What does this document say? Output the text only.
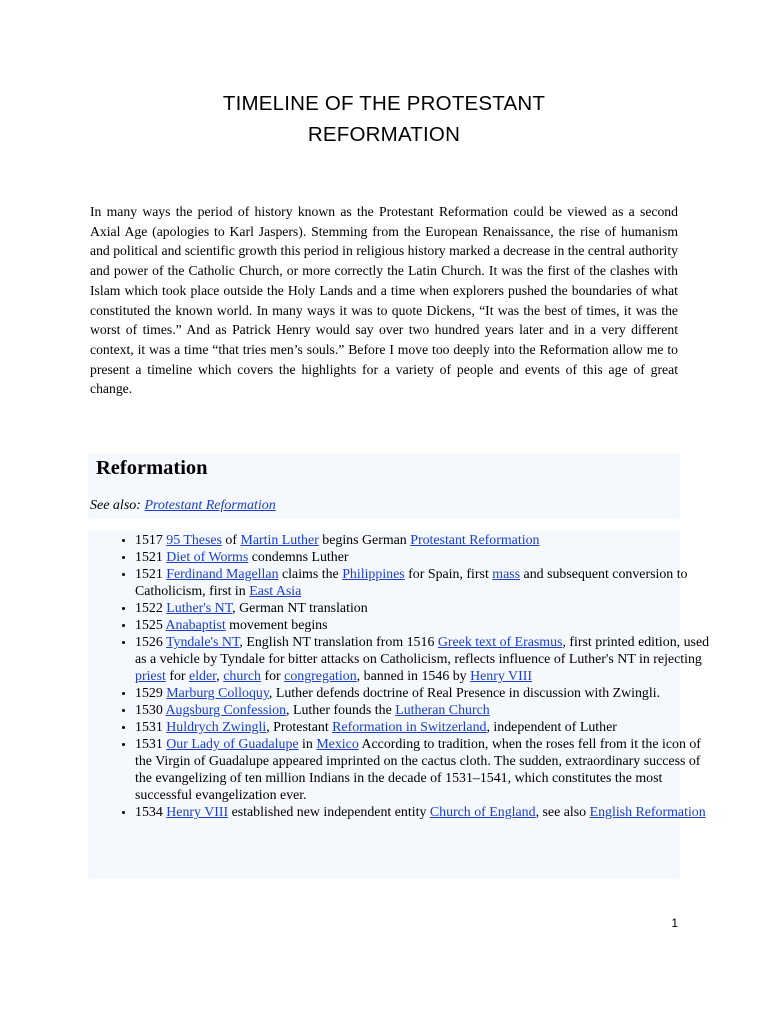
TIMELINE OF THE PROTESTANT
REFORMATION

In many ways the period of history known as the Protestant Reformation could be viewed as a second Axial Age (apologies to Karl Jaspers). Stemming from the European Renaissance, the rise of humanism and political and scientific growth this period in religious history marked a decrease in the central authority and power of the Catholic Church, or more correctly the Latin Church. It was the first of the clashes with Islam which took place outside the Holy Lands and a time when explorers pushed the boundaries of what constituted the known world. In many ways it was to quote Dickens, “It was the best of times, it was the worst of times.” And as Patrick Henry would say over two hundred years later and in a very different context, it was a time “that tries men’s souls.” Before I move too deeply into the Reformation allow me to present a timeline which covers the highlights for a variety of people and events of this age of great change.

Reformation
See also: Protestant Reformation
• 1517 95 Theses of Martin Luther begins German Protestant Reformation
• 1521 Diet of Worms condemns Luther
• 1521 Ferdinand Magellan claims the Philippines for Spain, first mass and subsequent conversion to Catholicism, first in East Asia
• 1522 Luther's NT, German NT translation
• 1525 Anabaptist movement begins
• 1526 Tyndale's NT, English NT translation from 1516 Greek text of Erasmus, first printed edition, used as a vehicle by Tyndale for bitter attacks on Catholicism, reflects influence of Luther's NT in rejecting priest for elder, church for congregation, banned in 1546 by Henry VIII
• 1529 Marburg Colloquy, Luther defends doctrine of Real Presence in discussion with Zwingli.
• 1530 Augsburg Confession, Luther founds the Lutheran Church
• 1531 Huldrych Zwingli, Protestant Reformation in Switzerland, independent of Luther
• 1531 Our Lady of Guadalupe in Mexico According to tradition, when the roses fell from it the icon of the Virgin of Guadalupe appeared imprinted on the cactus cloth. The sudden, extraordinary success of the evangelizing of ten million Indians in the decade of 1531–1541, which constitutes the most successful evangelization ever.
• 1534 Henry VIII established new independent entity Church of England, see also English Reformation
1
